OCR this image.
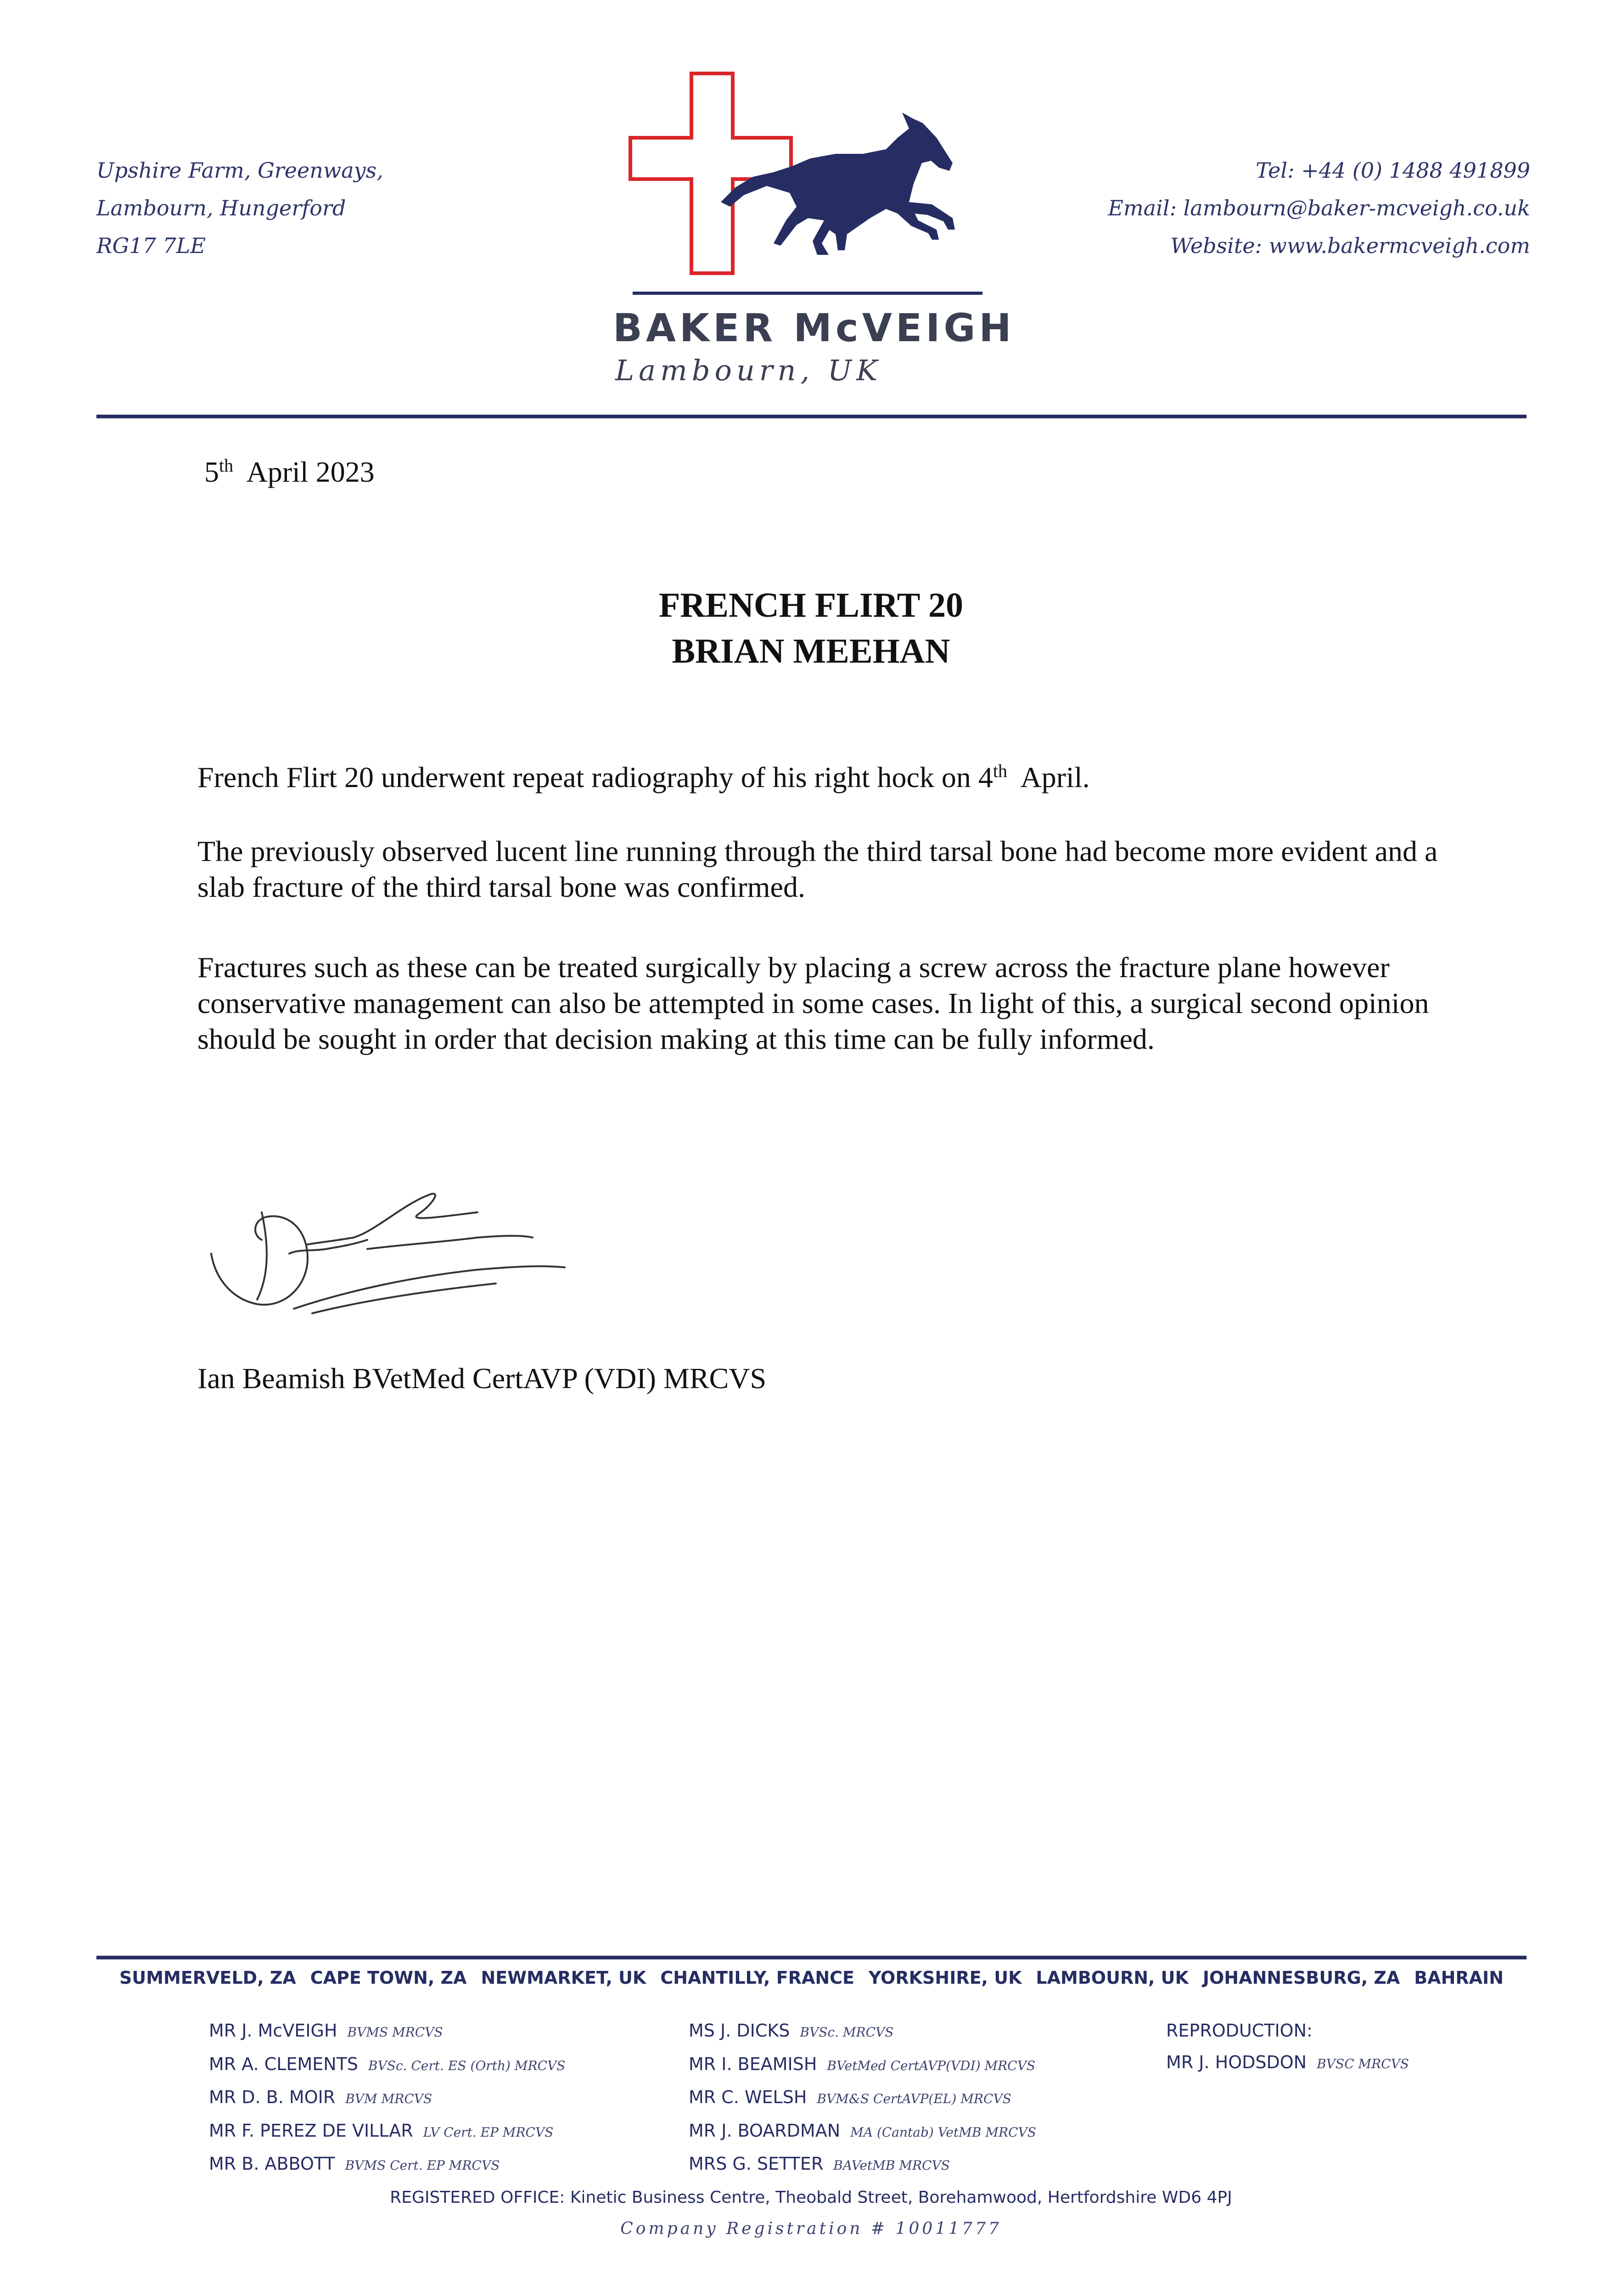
Upshire Farm, Greenways,
Lambourn, Hungerford
RG17 7LE
BAKER McVEIGH
Lambourn, UK
Tel: +44 (0) 1488 491899
Email: lambourn@baker-mcveigh.co.uk
Website: www.bakermcveigh.com
5th April 2023
FRENCH FLIRT 20
BRIAN MEEHAN
French Flirt 20 underwent repeat radiography of his right hock on 4th April.
The previously observed lucent line running through the third tarsal bone had become more evident and a slab fracture of the third tarsal bone was confirmed.
Fractures such as these can be treated surgically by placing a screw across the fracture plane however conservative management can also be attempted in some cases. In light of this, a surgical second opinion should be sought in order that decision making at this time can be fully informed.
Ian Beamish BVetMed CertAVP (VDI) MRCVS
SUMMERVELD, ZA CAPE TOWN, ZA NEWMARKET, UK CHANTILLY, FRANCE YORKSHIRE, UK LAMBOURN, UK JOHANNESBURG, ZA BAHRAIN
MR J. McVEIGH BVMS MRCVS
MR A. CLEMENTS BVSc. Cert. ES (Orth) MRCVS
MR D. B. MOIR BVM MRCVS
MR F. PEREZ DE VILLAR LV Cert. EP MRCVS
MR B. ABBOTT BVMS Cert. EP MRCVS
MS J. DICKS BVSc. MRCVS
MR I. BEAMISH BVetMed CertAVP(VDI) MRCVS
MR C. WELSH BVM&S CertAVP(EL) MRCVS
MR J. BOARDMAN MA (Cantab) VetMB MRCVS
MRS G. SETTER BAVetMB MRCVS
REPRODUCTION:
MR J. HODSDON BVSC MRCVS
REGISTERED OFFICE: Kinetic Business Centre, Theobald Street, Borehamwood, Hertfordshire WD6 4PJ
Company Registration # 10011777
